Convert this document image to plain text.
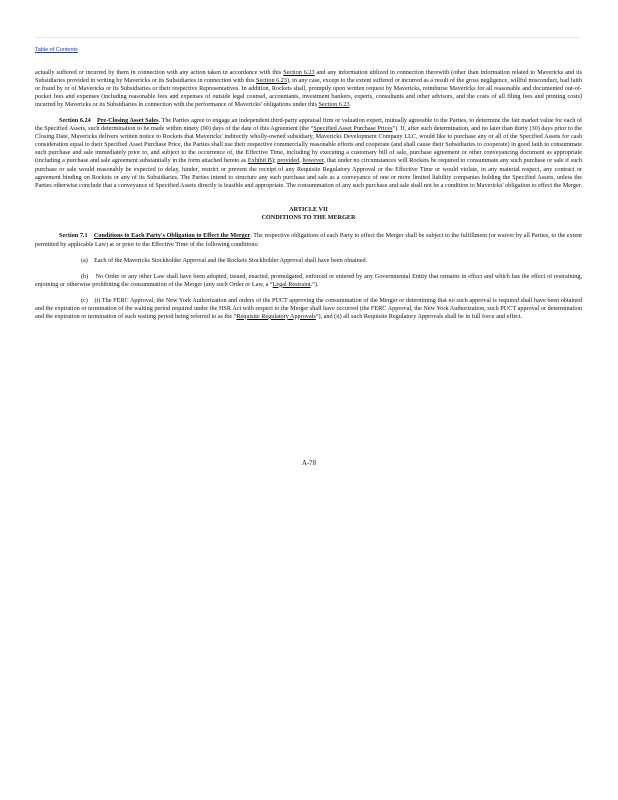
Table of Contents

actually suffered or incurred by them in connection with any action taken in accordance with this Section 6.23 and any information utilized in connection therewith (other than information related to Mavericks and its Subsidiaries provided in writing by Mavericks or its Subsidiaries in connection with this Section 6.23), in any case, except to the extent suffered or incurred as a result of the gross negligence, willful misconduct, bad faith or fraud by or of Mavericks or its Subsidiaries or their respective Representatives. In addition, Rockets shall, promptly upon written request by Mavericks, reimburse Mavericks for all reasonable and documented out-of-pocket fees and expenses (including reasonable fees and expenses of outside legal counsel, accountants, investment bankers, experts, consultants and other advisors, and the costs of all filing fees and printing costs) incurred by Mavericks or its Subsidiaries in connection with the performance of Mavericks' obligations under this Section 6.23.

Section 6.24 Pre-Closing Asset Sales. The Parties agree to engage an independent third-party appraisal firm or valuation expert, mutually agreeable to the Parties, to determine the fair market value for each of the Specified Assets, such determination to be made within ninety (90) days of the date of this Agreement (the “Specified Asset Purchase Prices”). If, after such determination, and no later than thirty (30) days prior to the Closing Date, Mavericks delivers written notice to Rockets that Mavericks' indirectly wholly-owned subsidiary, Mavericks Development Company LLC, would like to purchase any or all of the Specified Assets for cash consideration equal to their Specified Asset Purchase Price, the Parties shall use their respective commercially reasonable efforts and cooperate (and shall cause their Subsidiaries to cooperate) in good faith to consummate such purchase and sale immediately prior to, and subject to the occurrence of, the Effective Time, including by executing a customary bill of sale, purchase agreement or other conveyancing document as appropriate (including a purchase and sale agreement substantially in the form attached hereto as Exhibit B); provided, however, that under no circumstances will Rockets be required to consummate any such purchase or sale if such purchase or sale would reasonably be expected to delay, hinder, restrict or prevent the receipt of any Requisite Regulatory Approval or the Effective Time or would violate, in any material respect, any contract or agreement binding on Rockets or any of its Subsidiaries. The Parties intend to structure any such purchase and sale as a conveyance of one or more limited liability companies holding the Specified Assets, unless the Parties otherwise conclude that a conveyance of Specified Assets directly is feasible and appropriate. The consummation of any such purchase and sale shall not be a condition to Mavericks' obligation to effect the Merger.

ARTICLE VII
CONDITIONS TO THE MERGER

Section 7.1 Conditions to Each Party's Obligation to Effect the Merger. The respective obligations of each Party to effect the Merger shall be subject to the fulfillment (or waiver by all Parties, to the extent permitted by applicable Law) at or prior to the Effective Time of the following conditions:

(a) Each of the Mavericks Stockholder Approval and the Rockets Stockholder Approval shall have been obtained.

(b) No Order or any other Law shall have been adopted, issued, enacted, promulgated, enforced or entered by any Governmental Entity that remains in effect and which has the effect of restraining, enjoining or otherwise prohibiting the consummation of the Merger (any such Order or Law, a “Legal Restraint.”).

(c) (i) The FERC Approval, the New York Authorization and orders of the PUCT approving the consummation of the Merger or determining that no such approval is required shall have been obtained and the expiration or termination of the waiting period required under the HSR Act with respect to the Merger shall have occurred (the FERC Approval, the New York Authorization, such PUCT approval or determination and the expiration or termination of such waiting period being referred to as the “Requisite Regulatory Approvals”), and (ii) all such Requisite Regulatory Approvals shall be in full force and effect.

A-78
